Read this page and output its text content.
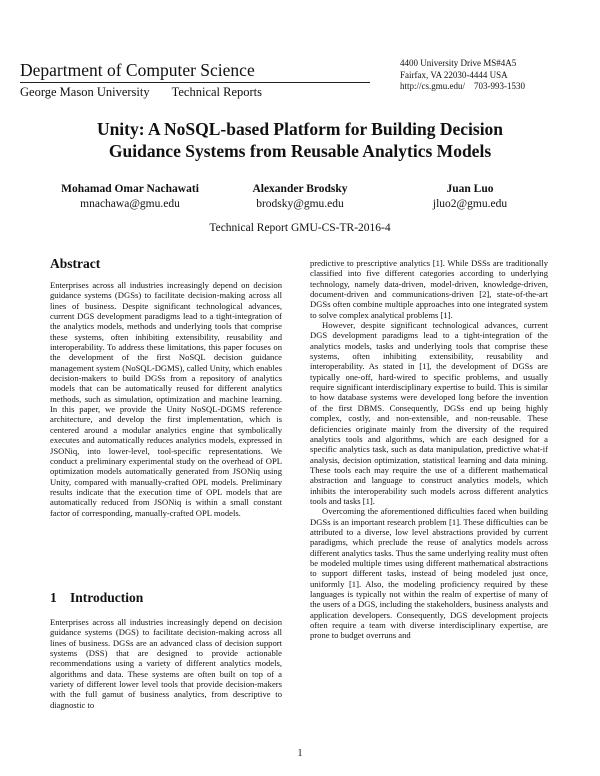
Department of Computer Science
George Mason University Technical Reports
4400 University Drive MS#4A5
Fairfax, VA 22030-4444 USA
http://cs.gmu.edu/ 703-993-1530
Unity: A NoSQL-based Platform for Building Decision
Guidance Systems from Reusable Analytics Models
Mohamad Omar Nachawati
mnachawa@gmu.edu
Alexander Brodsky
brodsky@gmu.edu
Juan Luo
jluo2@gmu.edu
Technical Report GMU-CS-TR-2016-4
Abstract

Enterprises across all industries increasingly depend on decision guidance systems (DGSs) to facilitate decision-making across all lines of business. Despite significant technological advances, current DGS development paradigms lead to a tight-integration of the analytics models, methods and underlying tools that comprise these systems, often inhibiting extensibility, reusability and interoperability. To address these limitations, this paper focuses on the development of the first NoSQL decision guidance management system (NoSQL-DGMS), called Unity, which enables decision-makers to build DGSs from a repository of analytics models that can be automatically reused for different analytics methods, such as simulation, optimization and machine learning. In this paper, we provide the Unity NoSQL-DGMS reference architecture, and develop the first implementation, which is centered around a modular analytics engine that symbolically executes and automatically reduces analytics models, expressed in JSONiq, into lower-level, tool-specific representations. We conduct a preliminary experimental study on the overhead of OPL optimization models automatically generated from JSONiq using Unity, compared with manually-crafted OPL models. Preliminary results indicate that the execution time of OPL models that are automatically reduced from JSONiq is within a small constant factor of corresponding, manually-crafted OPL models.

1 Introduction

Enterprises across all industries increasingly depend on decision guidance systems (DGS) to facilitate decision-making across all lines of business. DGSs are an advanced class of decision support systems (DSS) that are designed to provide actionable recommendations using a variety of different analytics models, algorithms and data. These systems are often built on top of a variety of different lower level tools that provide decision-makers with the full gamut of business analytics, from descriptive to diagnostic to

predictive to prescriptive analytics [1]. While DSSs are traditionally classified into five different categories according to underlying technology, namely data-driven, model-driven, knowledge-driven, document-driven and communications-driven [2], state-of-the-art DGSs often combine multiple approaches into one integrated system to solve complex analytical problems [1].

However, despite significant technological advances, current DGS development paradigms lead to a tight-integration of the analytics models, tasks and underlying tools that comprise these systems, often inhibiting extensibility, reusability and interoperability. As stated in [1], the development of DGSs are typically one-off, hard-wired to specific problems, and usually require significant interdisciplinary expertise to build. This is similar to how database systems were developed long before the invention of the first DBMS. Consequently, DGSs end up being highly complex, costly, and non-extensible, and non-reusable. These deficiencies originate mainly from the diversity of the required analytics tools and algorithms, which are each designed for a specific analytics task, such as data manipulation, predictive what-if analysis, decision optimization, statistical learning and data mining. These tools each may require the use of a different mathematical abstraction and language to construct analytics models, which inhibits the interoperability such models across different analytics tools and tasks [1].

Overcoming the aforementioned difficulties faced when building DGSs is an important research problem [1]. These difficulties can be attributed to a diverse, low level abstractions provided by current paradigms, which preclude the reuse of analytics models across different analytics tasks. Thus the same underlying reality must often be modeled multiple times using different mathematical abstractions to support different tasks, instead of being modeled just once, uniformly [1]. Also, the modeling proficiency required by these languages is typically not within the realm of expertise of many of the users of a DGS, including the stakeholders, business analysts and application developers. Consequently, DGS development projects often require a team with diverse interdisciplinary expertise, are prone to budget overruns and

1
